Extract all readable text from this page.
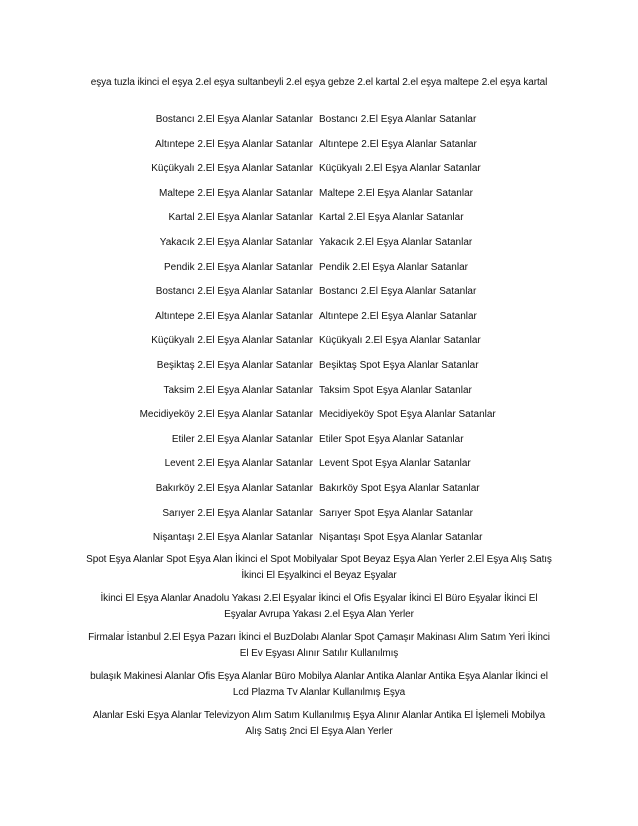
eşya tuzla ikinci el eşya 2.el eşya sultanbeyli 2.el eşya gebze 2.el kartal 2.el eşya maltepe 2.el eşya kartal
Bostancı 2.El Eşya Alanlar Satanlar Bostancı 2.El Eşya Alanlar Satanlar
Altıntepe 2.El Eşya Alanlar Satanlar Altıntepe 2.El Eşya Alanlar Satanlar
Küçükyalı 2.El Eşya Alanlar Satanlar Küçükyalı 2.El Eşya Alanlar Satanlar
Maltepe 2.El Eşya Alanlar Satanlar Maltepe 2.El Eşya Alanlar Satanlar
Kartal 2.El Eşya Alanlar Satanlar Kartal 2.El Eşya Alanlar Satanlar
Yakacık 2.El Eşya Alanlar Satanlar Yakacık 2.El Eşya Alanlar Satanlar
Pendik 2.El Eşya Alanlar Satanlar Pendik 2.El Eşya Alanlar Satanlar
Bostancı 2.El Eşya Alanlar Satanlar Bostancı 2.El Eşya Alanlar Satanlar
Altıntepe 2.El Eşya Alanlar Satanlar Altıntepe 2.El Eşya Alanlar Satanlar
Küçükyalı 2.El Eşya Alanlar Satanlar Küçükyalı 2.El Eşya Alanlar Satanlar
Beşiktaş 2.El Eşya Alanlar Satanlar Beşiktaş Spot Eşya Alanlar Satanlar
Taksim 2.El Eşya Alanlar Satanlar Taksim Spot Eşya Alanlar Satanlar
Mecidiyeköy 2.El Eşya Alanlar Satanlar Mecidiyeköy Spot Eşya Alanlar Satanlar
Etiler 2.El Eşya Alanlar Satanlar Etiler Spot Eşya Alanlar Satanlar
Levent 2.El Eşya Alanlar Satanlar Levent Spot Eşya Alanlar Satanlar
Bakırköy 2.El Eşya Alanlar Satanlar Bakırköy Spot Eşya Alanlar Satanlar
Sarıyer 2.El Eşya Alanlar Satanlar Sarıyer Spot Eşya Alanlar Satanlar
Nişantaşı 2.El Eşya Alanlar Satanlar Nişantaşı Spot Eşya Alanlar Satanlar
Spot Eşya Alanlar Spot Eşya Alan İkinci el Spot Mobilyalar Spot Beyaz Eşya Alan Yerler 2.El Eşya Alış Satış İkinci El Eşyalkinci el Beyaz Eşyalar
İkinci El Eşya Alanlar Anadolu Yakası 2.El Eşyalar İkinci el Ofis Eşyalar İkinci El Büro Eşyalar İkinci El Eşyalar Avrupa Yakası 2.el Eşya Alan Yerler
Firmalar İstanbul 2.El Eşya Pazarı İkinci el BuzDolabı Alanlar Spot Çamaşır Makinası Alım Satım Yeri İkinci El Ev Eşyası Alınır Satılır Kullanılmış
bulaşık Makinesi Alanlar Ofis Eşya Alanlar Büro Mobilya Alanlar Antika Alanlar Antika Eşya Alanlar İkinci el Lcd Plazma Tv Alanlar Kullanılmış Eşya
Alanlar Eski Eşya Alanlar Televizyon Alım Satım Kullanılmış Eşya Alınır Alanlar Antika El İşlemeli Mobilya Alış Satış 2nci El Eşya Alan Yerler
